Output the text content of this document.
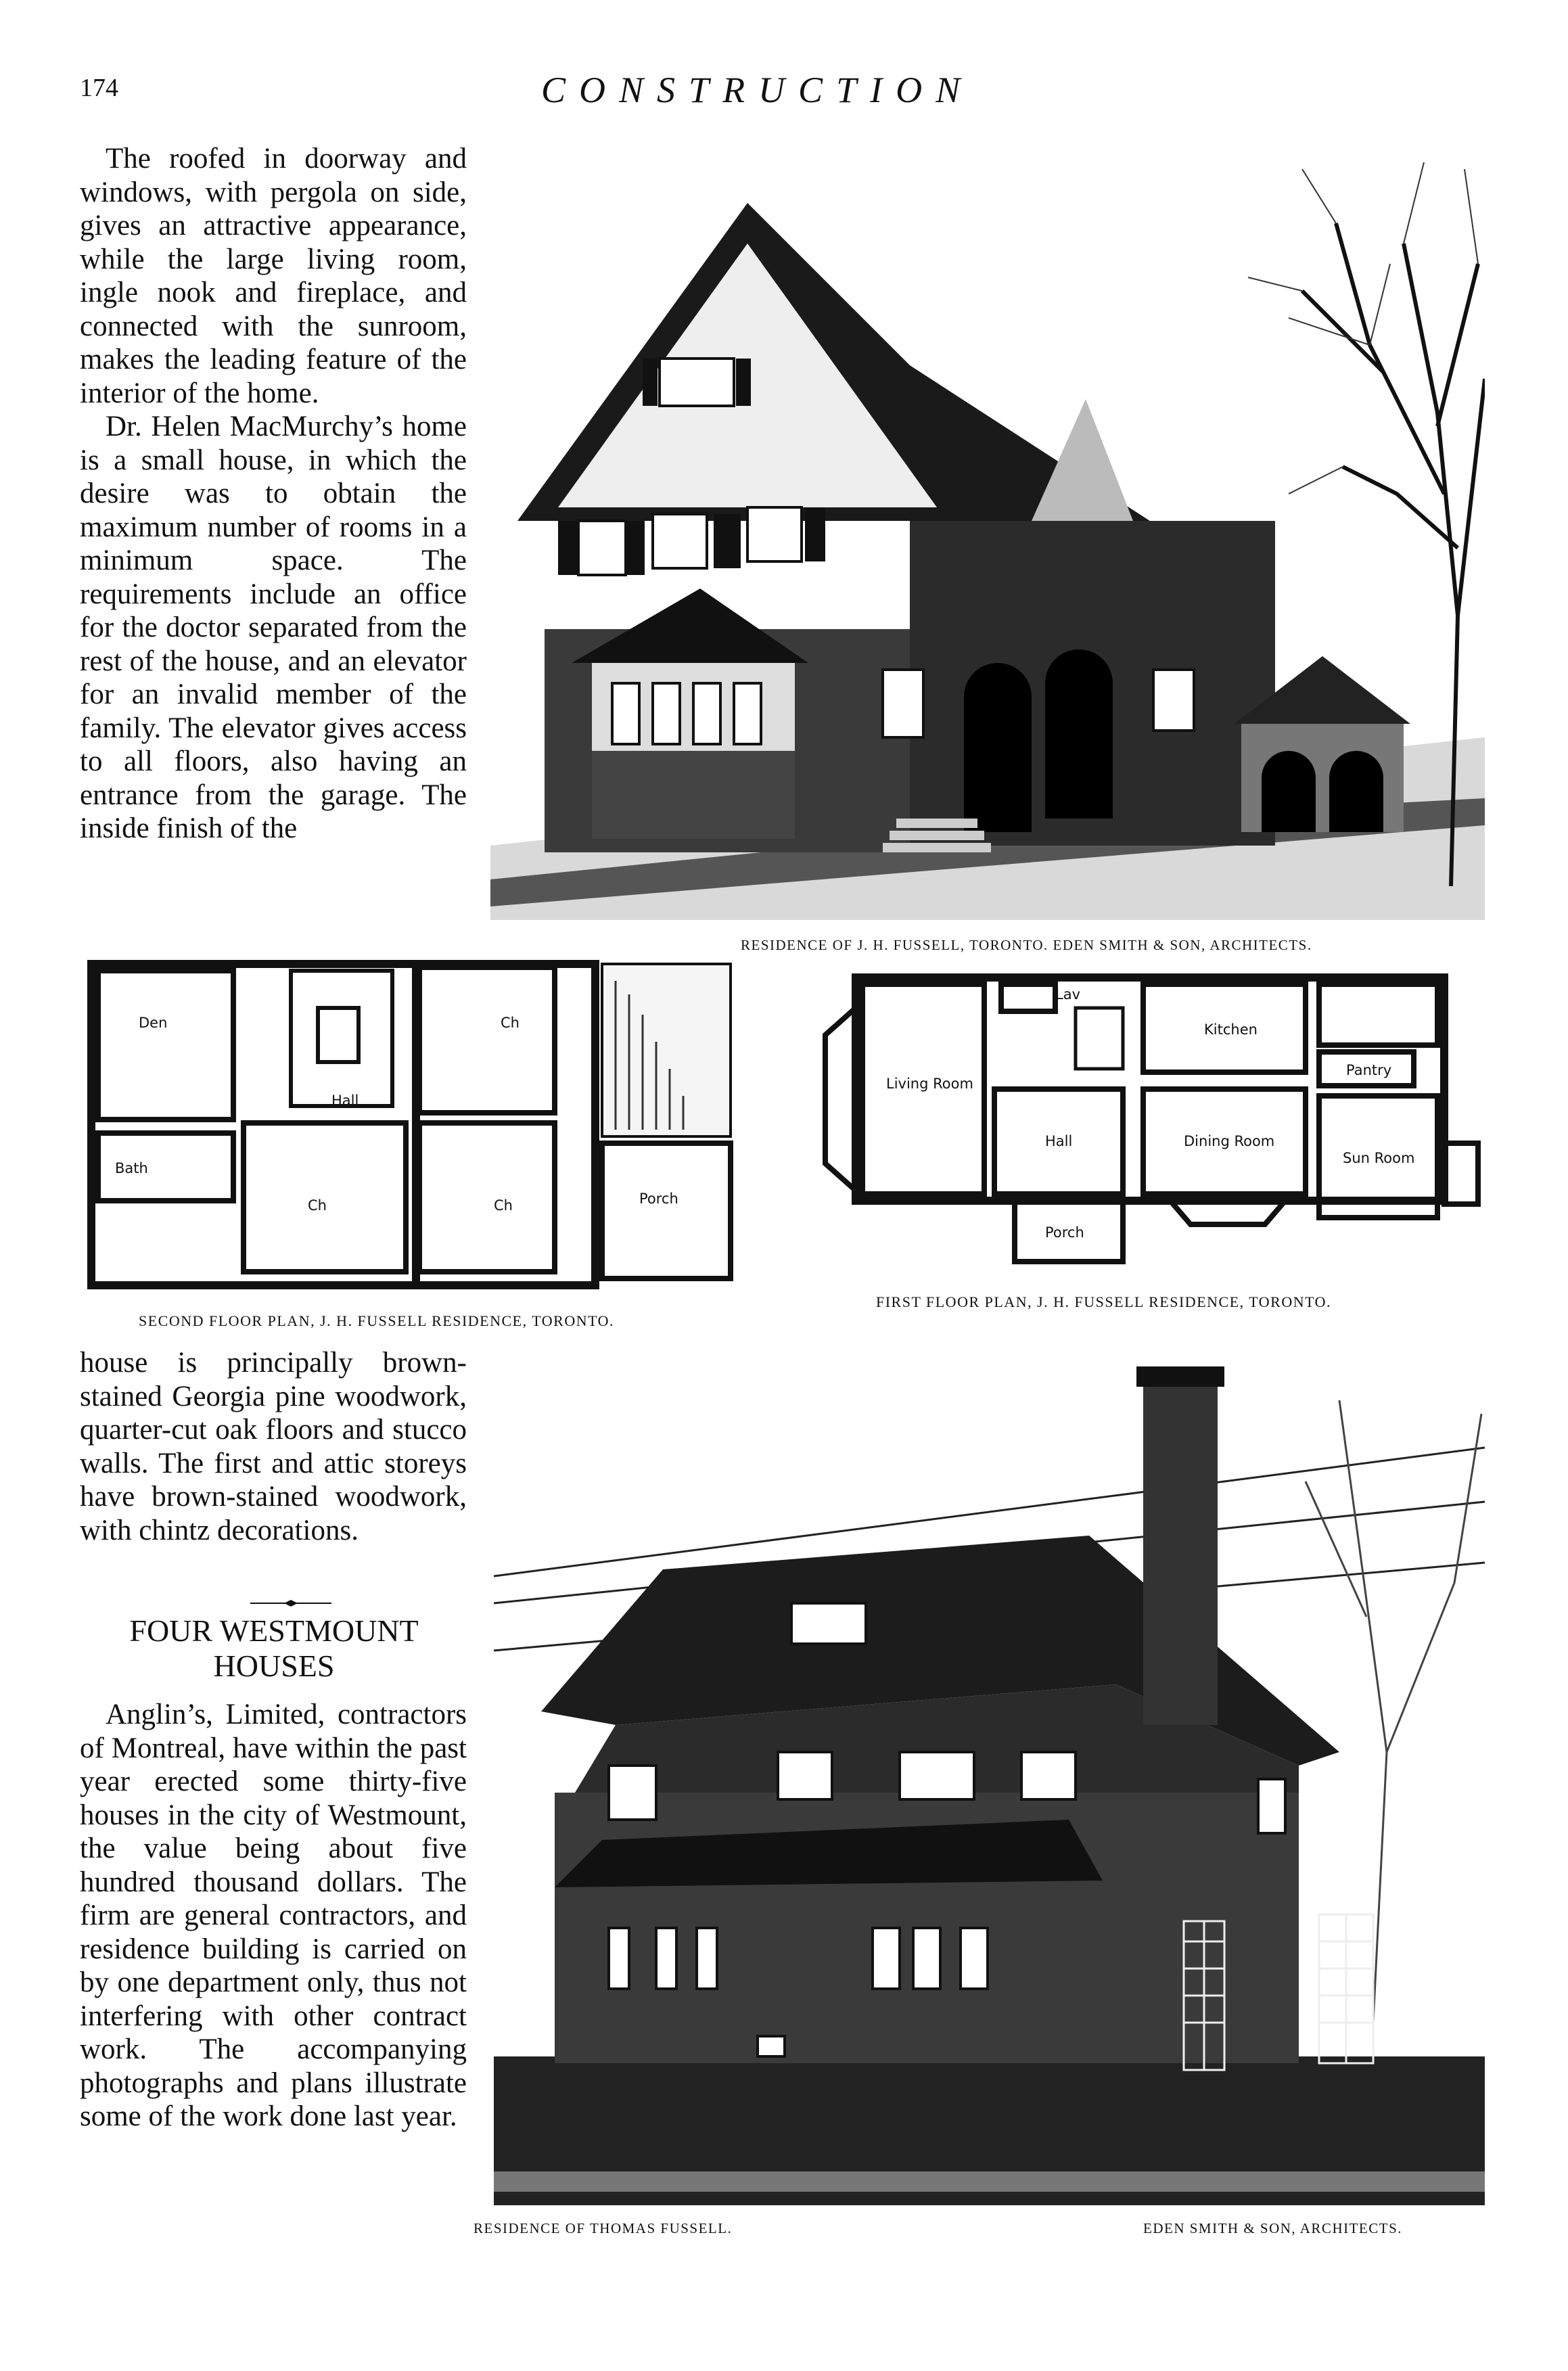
174	CONSTRUCTION

The roofed in doorway and windows, with pergola on side, gives an attractive appearance, while the large living room, ingle nook and fireplace, and connected with the sunroom, makes the leading feature of the interior of the home.

Dr. Helen MacMurchy’s home is a small house, in which the desire was to obtain the maximum number of rooms in a minimum space. The requirements include an office for the doctor separated from the rest of the house, and an elevator for an invalid member of the family. The elevator gives access to all floors, also having an entrance from the garage. The inside finish of the

RESIDENCE OF J. H. FUSSELL, TORONTO. EDEN SMITH & SON, ARCHITECTS.
Den	Ch
Hall
Bath
Ch	Ch	Porch
SECOND FLOOR PLAN, J. H. FUSSELL RESIDENCE, TORONTO.
Lav
Kitchen
Living Room
Pantry
Hall	Dining Room
Sun Room
Porch
FIRST FLOOR PLAN, J. H. FUSSELL RESIDENCE, TORONTO.
house is principally brown-stained Georgia pine woodwork, quarter-cut oak floors and stucco walls. The first and attic storeys have brown-stained woodwork, with chintz decorations.
FOUR WESTMOUNT
HOUSES

Anglin’s, Limited, contractors of Montreal, have within the past year erected some thirty-five houses in the city of Westmount, the value being about five hundred thousand dollars. The firm are general contractors, and residence building is carried on by one department only, thus not interfering with other contract work. The accompanying photographs and plans illustrate some of the work done last year.

RESIDENCE OF THOMAS FUSSELL.	EDEN SMITH & SON, ARCHITECTS.
